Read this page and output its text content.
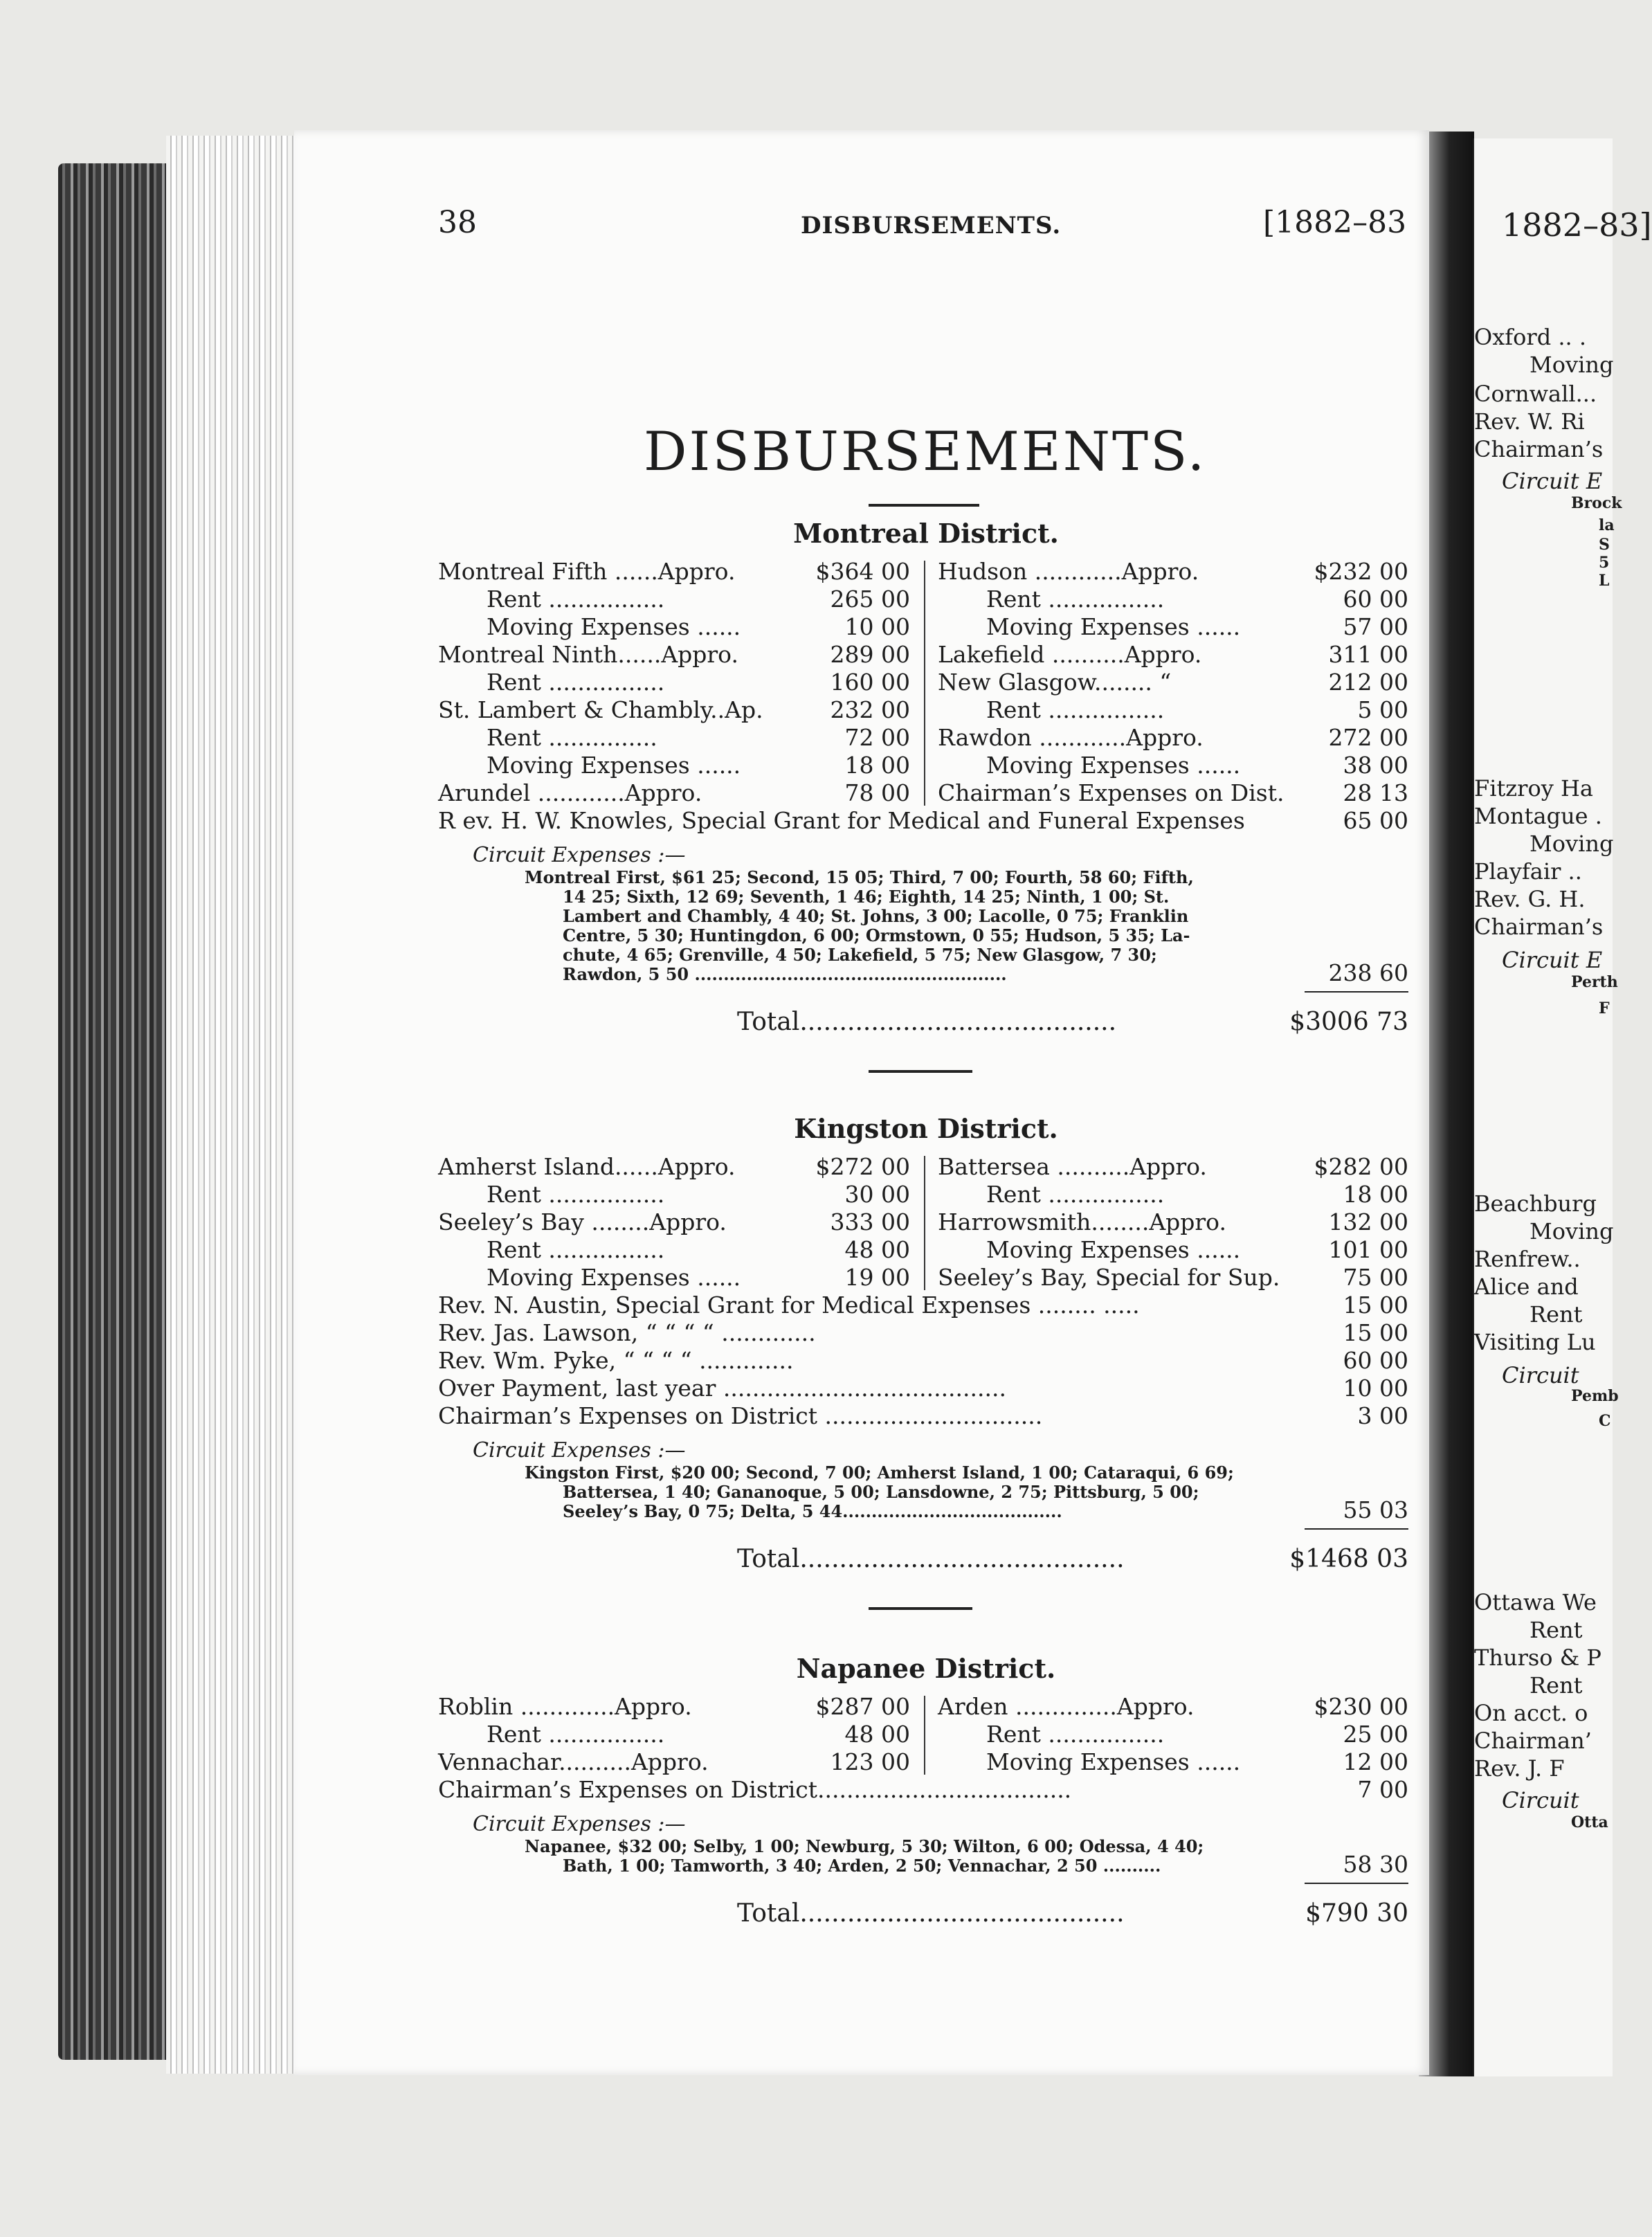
1882–83]
Oxford .. .
Moving
Cornwall...
Rev. W. Ri
Chairman’s
Circuit E
Brock
la
S
5
L
Fitzroy Ha
Montague .
Moving
Playfair ..
Rev. G. H.
Chairman’s
Circuit E
Perth
F
Beachburg
Moving
Renfrew..
Alice and
Rent
Visiting Lu
Circuit
Pemb
C
Ottawa We
Rent
Thurso & P
Rent
On acct. o
Chairman’
Rev. J. F
Circuit
Otta
38	DISBURSEMENTS.	[1882–83
DISBURSEMENTS.
Montreal District.
Montreal Fifth ......Appro.	$364 00
Rent ................	265 00
Moving Expenses ......	10 00
Montreal Ninth......Appro.	289 00
Rent ................	160 00
St. Lambert & Chambly..Ap.	232 00
Rent ...............	72 00
Moving Expenses ......	18 00
Arundel ............Appro.	78 00
Hudson ............Appro.	$232 00
Rent ................	60 00
Moving Expenses ......	57 00
Lakefield ..........Appro.	311 00
New Glasgow........ “	212 00
Rent ................	5 00
Rawdon ............Appro.	272 00
Moving Expenses ......	38 00
Chairman’s Expenses on Dist.	28 13
R ev. H. W. Knowles, Special Grant for Medical and Funeral Expenses	65 00
Circuit Expenses :—
Montreal First, $61 25; Second, 15 05; Third, 7 00; Fourth, 58 60; Fifth,
14 25; Sixth, 12 69; Seventh, 1 46; Eighth, 14 25; Ninth, 1 00; St.
Lambert and Chambly, 4 40; St. Johns, 3 00; Lacolle, 0 75; Franklin
Centre, 5 30; Huntingdon, 6 00; Ormstown, 0 55; Hudson, 5 35; La-
chute, 4 65; Grenville, 4 50; Lakefield, 5 75; New Glasgow, 7 30;
Rawdon, 5 50 ......................................................	238 60
Total........................................	$3006 73
Kingston District.
Amherst Island......Appro.	$272 00
Rent ................	30 00
Seeley’s Bay ........Appro.	333 00
Rent ................	48 00
Moving Expenses ......	19 00
Battersea ..........Appro.	$282 00
Rent ................	18 00
Harrowsmith........Appro.	132 00
Moving Expenses ......	101 00
Seeley’s Bay, Special for Sup.	75 00
Rev. N. Austin, Special Grant for Medical Expenses ........ .....	15 00
Rev. Jas. Lawson, “ “ “ “ .............	15 00
Rev. Wm. Pyke, “ “ “ “ .............	60 00
Over Payment, last year .......................................	10 00
Chairman’s Expenses on District ..............................	3 00
Circuit Expenses :—
Kingston First, $20 00; Second, 7 00; Amherst Island, 1 00; Cataraqui, 6 69;
Battersea, 1 40; Gananoque, 5 00; Lansdowne, 2 75; Pittsburg, 5 00;
Seeley’s Bay, 0 75; Delta, 5 44......................................	55 03
Total.........................................	$1468 03
Napanee District.
Roblin .............Appro.	$287 00
Rent ................	48 00
Vennachar..........Appro.	123 00
Arden ..............Appro.	$230 00
Rent ................	25 00
Moving Expenses ......	12 00
Chairman’s Expenses on District...................................	7 00
Circuit Expenses :—
Napanee, $32 00; Selby, 1 00; Newburg, 5 30; Wilton, 6 00; Odessa, 4 40;
Bath, 1 00; Tamworth, 3 40; Arden, 2 50; Vennachar, 2 50 ..........	58 30
Total.........................................	$790 30
